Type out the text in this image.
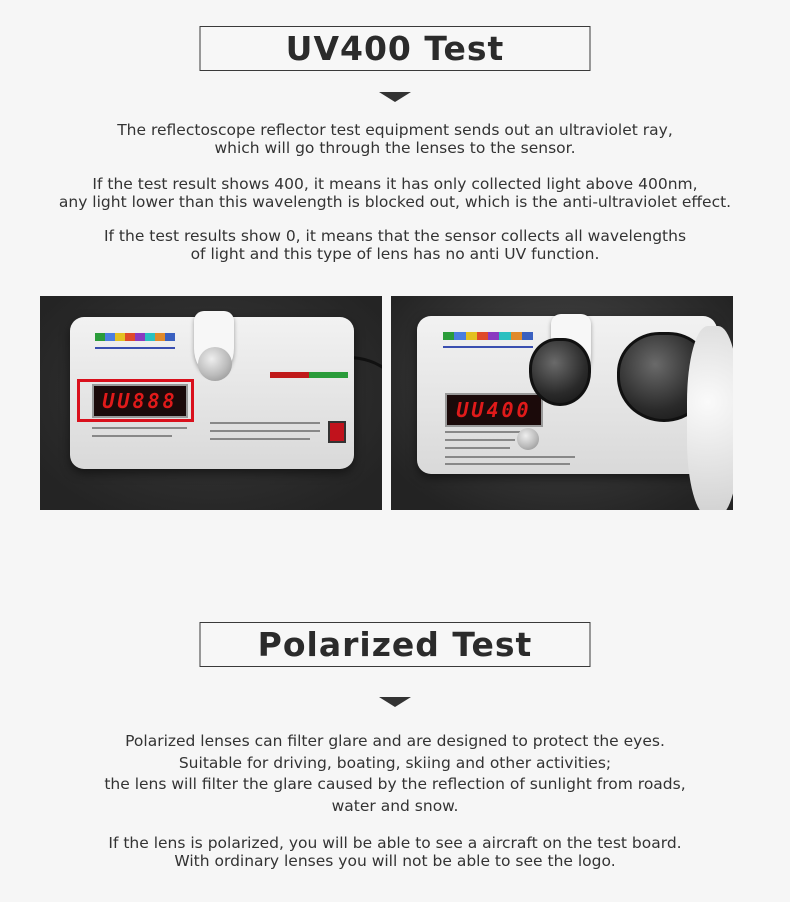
UV400 Test
The reflectoscope reflector test equipment sends out an ultraviolet ray,
which will go through the lenses to the sensor.
If the test result shows 400, it means it has only collected light above 400nm,
any light lower than this wavelength is blocked out, which is the anti-ultraviolet effect.
If the test results show 0, it means that the sensor collects all wavelengths
of light and this type of lens has no anti UV function.
UU888	UU400
Polarized Test
Polarized lenses can filter glare and are designed to protect the eyes.
Suitable for driving, boating, skiing and other activities;
the lens will filter the glare caused by the reflection of sunlight from roads,
water and snow.
If the lens is polarized, you will be able to see a aircraft on the test board.
With ordinary lenses you will not be able to see the logo.
